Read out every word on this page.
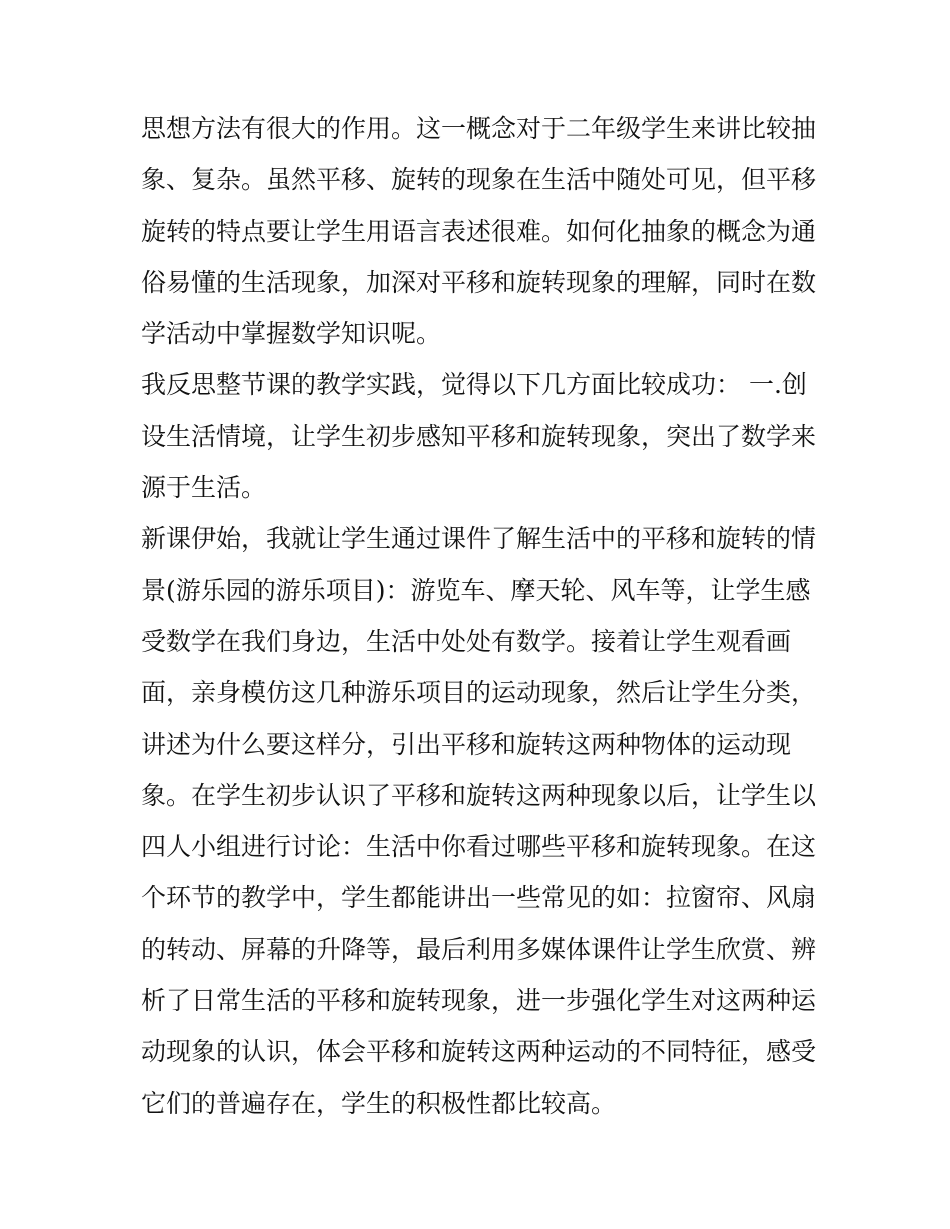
思想方法有很大的作用。这一概念对于二年级学生来讲比较抽
象、复杂。虽然平移、旋转的现象在生活中随处可见，但平移
旋转的特点要让学生用语言表述很难。如何化抽象的概念为通
俗易懂的生活现象，加深对平移和旋转现象的理解，同时在数
学活动中掌握数学知识呢。
我反思整节课的教学实践，觉得以下几方面比较成功： 一.创
设生活情境，让学生初步感知平移和旋转现象，突出了数学来
源于生活。
新课伊始，我就让学生通过课件了解生活中的平移和旋转的情
景(游乐园的游乐项目)：游览车、摩天轮、风车等，让学生感
受数学在我们身边，生活中处处有数学。接着让学生观看画
面，亲身模仿这几种游乐项目的运动现象，然后让学生分类，
讲述为什么要这样分，引出平移和旋转这两种物体的运动现
象。在学生初步认识了平移和旋转这两种现象以后，让学生以
四人小组进行讨论：生活中你看过哪些平移和旋转现象。在这
个环节的教学中，学生都能讲出一些常见的如：拉窗帘、风扇
的转动、屏幕的升降等，最后利用多媒体课件让学生欣赏、辨
析了日常生活的平移和旋转现象，进一步强化学生对这两种运
动现象的认识，体会平移和旋转这两种运动的不同特征，感受
它们的普遍存在，学生的积极性都比较高。
